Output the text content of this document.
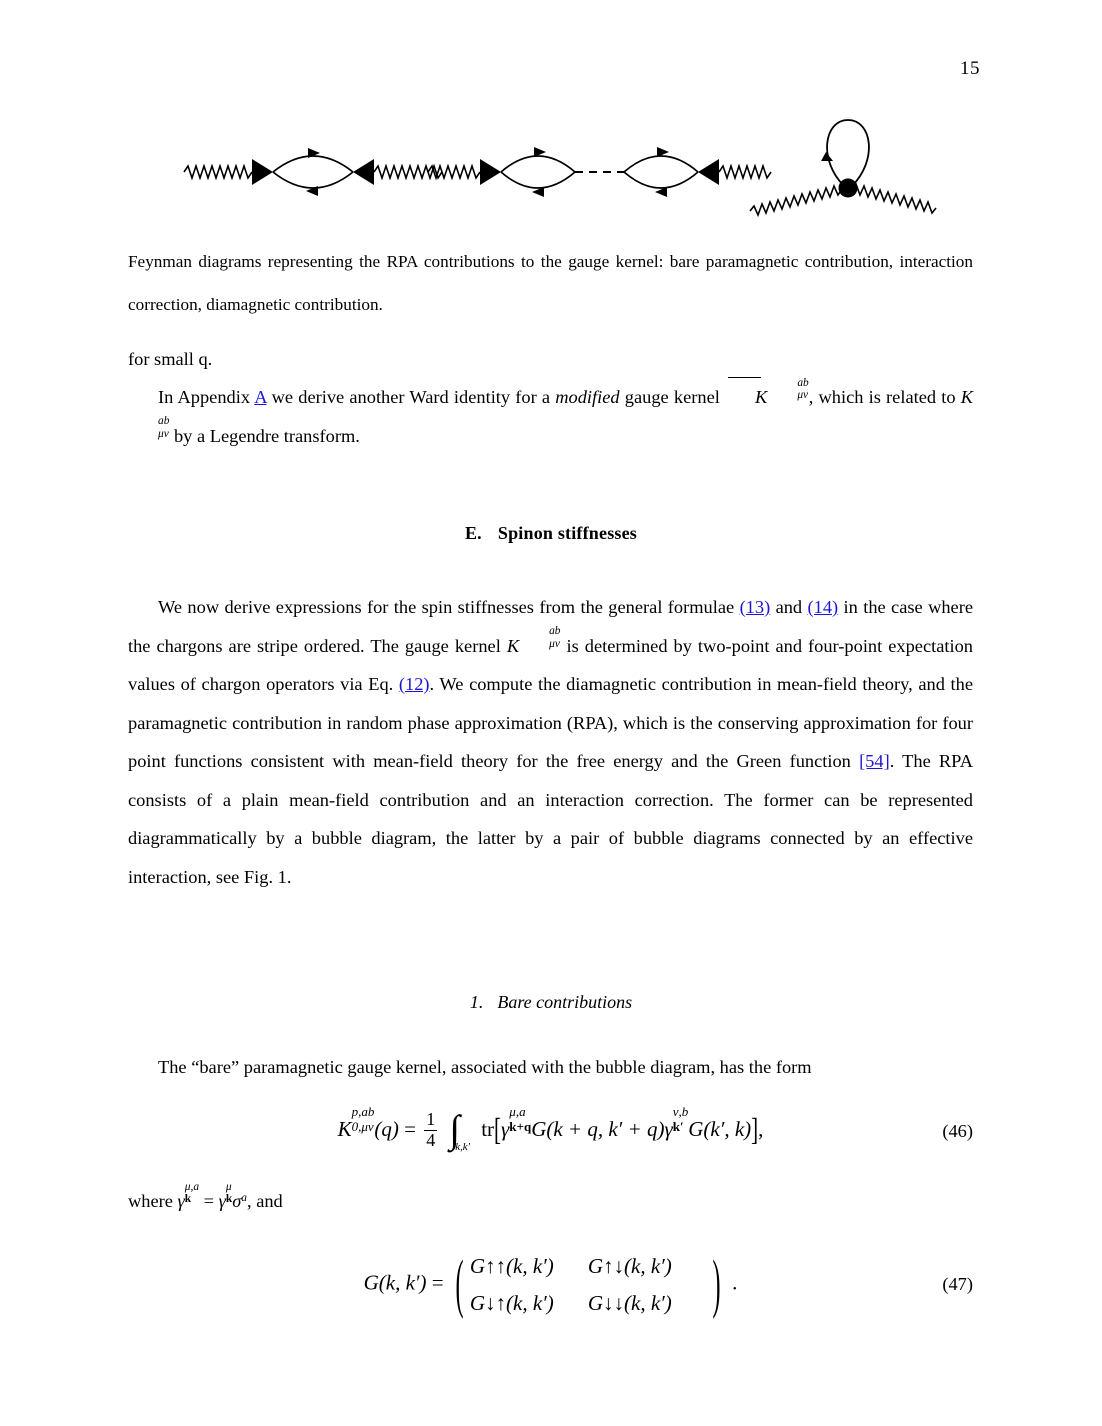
15
Feynman diagrams representing the RPA contributions to the gauge kernel: bare paramagnetic contribution, interaction correction, diamagnetic contribution.

for small q.

In Appendix A we derive another Ward identity for a modified gauge kernel K
ab
μν , which is related to K
ab
μν by a Legendre transform.

E. Spinon stiffnesses

We now derive expressions for the spin stiffnesses from the general formulae (13) and (14) in the case where the chargons are stripe ordered. The gauge kernel K
ab
μν is determined by two-point and four-point expectation values of chargon operators via Eq. (12). We compute the diamagnetic contribution in mean-field theory, and the paramagnetic contribution in random phase approximation (RPA), which is the conserving approximation for four point functions consistent with mean-field theory for the free energy and the Green function [54]. The RPA consists of a plain mean-field contribution and an interaction correction. The former can be represented diagrammatically by a bubble diagram, the latter by a pair of bubble diagrams connected by an effective interaction, see Fig. 1.

1. Bare contributions

The “bare” paramagnetic gauge kernel, associated with the bubble diagram, has the form

K
p,ab
0,μν $(q) = \frac{1}{4} \int_{k,k'}$ tr[γ
μ,a
k+q G(k + q, k′ + q)γ
ν,b
k′ G(k′, k)],	(46)

where γ
μ,a
k = γ
μ
k $\sigma^a$, and

G(k, k′) = ( G↑↑(k, k′) G↑↓(k, k′)
G↓↑(k, k′) G↓↓(k, k′)	) .	(47)
